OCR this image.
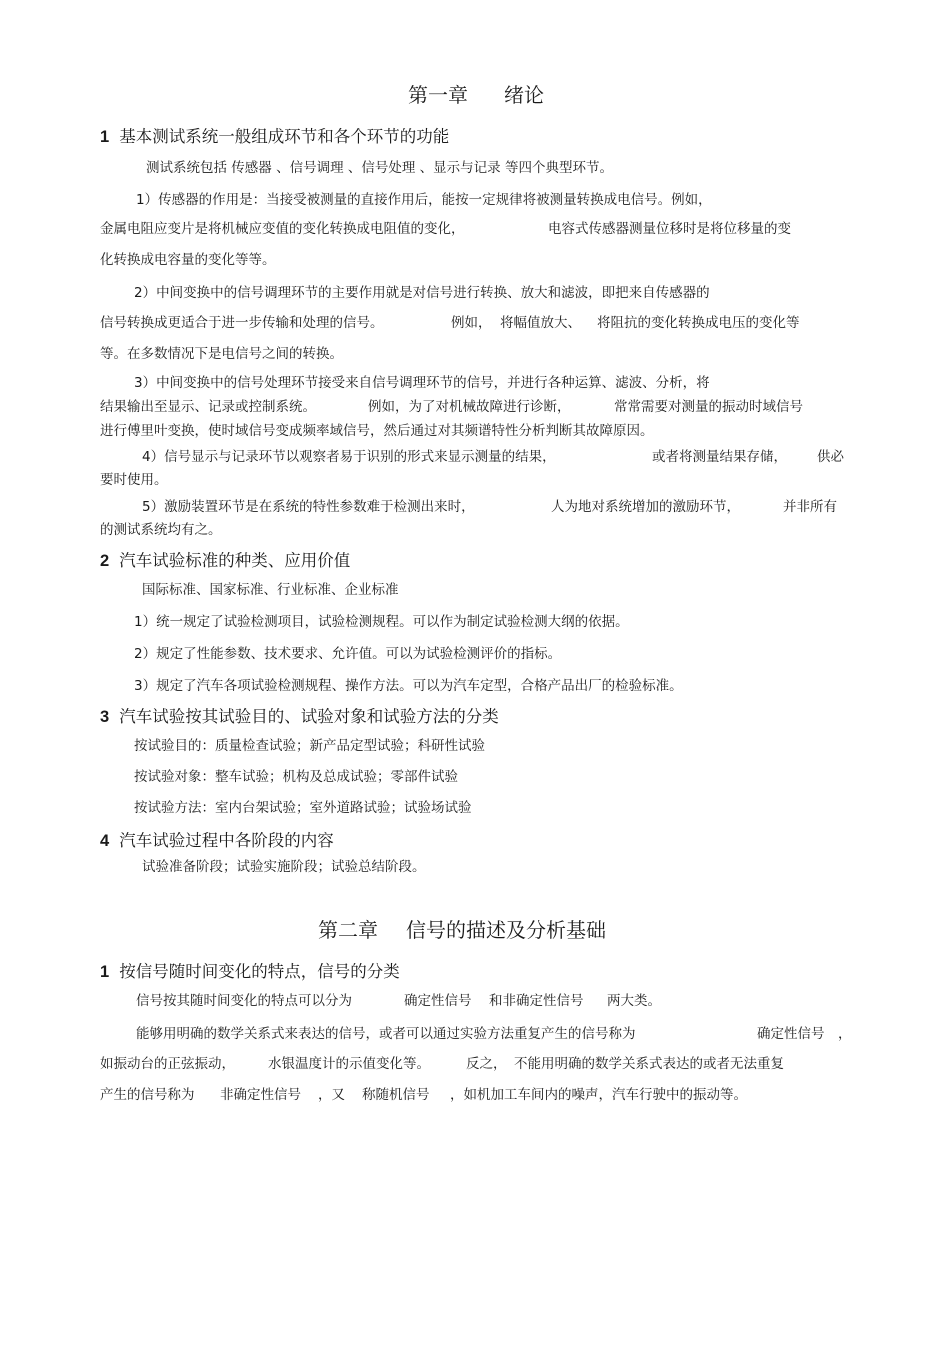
第一章 绪论
1 基本测试系统一般组成环节和各个环节的功能
测试系统包括 传感器 、信号调理 、信号处理 、显示与记录 等四个典型环节。
1）传感器的作用是：当接受被测量的直接作用后，能按一定规律将被测量转换成电信号。例如，
金属电阻应变片是将机械应变值的变化转换成电阻值的变化，	电容式传感器测量位移时是将位移量的变
化转换成电容量的变化等等。
2）中间变换中的信号调理环节的主要作用就是对信号进行转换、放大和滤波，即把来自传感器的
信号转换成更适合于进一步传输和处理的信号。	例如， 将幅值放大、 将阻抗的变化转换成电压的变化等
等。在多数情况下是电信号之间的转换。
3）中间变换中的信号处理环节接受来自信号调理环节的信号，并进行各种运算、滤波、分析，将
结果输出至显示、记录或控制系统。	例如，为了对机械故障进行诊断，	常常需要对测量的振动时域信号
进行傅里叶变换，使时域信号变成频率域信号，然后通过对其频谱特性分析判断其故障原因。
4）信号显示与记录环节以观察者易于识别的形式来显示测量的结果，	或者将测量结果存储， 供必
要时使用。
5）激励装置环节是在系统的特性参数难于检测出来时，	人为地对系统增加的激励环节，	并非所有
的测试系统均有之。
2 汽车试验标准的种类、应用价值
国际标准、国家标准、行业标准、企业标准
1）统一规定了试验检测项目，试验检测规程。可以作为制定试验检测大纲的依据。
2）规定了性能参数、技术要求、允许值。可以为试验检测评价的指标。
3）规定了汽车各项试验检测规程、操作方法。可以为汽车定型，合格产品出厂的检验标准。
3 汽车试验按其试验目的、试验对象和试验方法的分类
按试验目的：质量检查试验；新产品定型试验；科研性试验
按试验对象：整车试验；机构及总成试验；零部件试验
按试验方法：室内台架试验；室外道路试验；试验场试验
4 汽车试验过程中各阶段的内容
试验准备阶段；试验实施阶段；试验总结阶段。
第二章 信号的描述及分析基础
1 按信号随时间变化的特点，信号的分类
信号按其随时间变化的特点可以分为	确定性信号 和非确定性信号 两大类。
能够用明确的数学关系式来表达的信号，或者可以通过实验方法重复产生的信号称为	确定性信号 ，
如振动台的正弦振动， 水银温度计的示值变化等。	反之， 不能用明确的数学关系式表达的或者无法重复
产生的信号称为 非确定性信号 ，又 称随机信号 ，如机加工车间内的噪声，汽车行驶中的振动等。
